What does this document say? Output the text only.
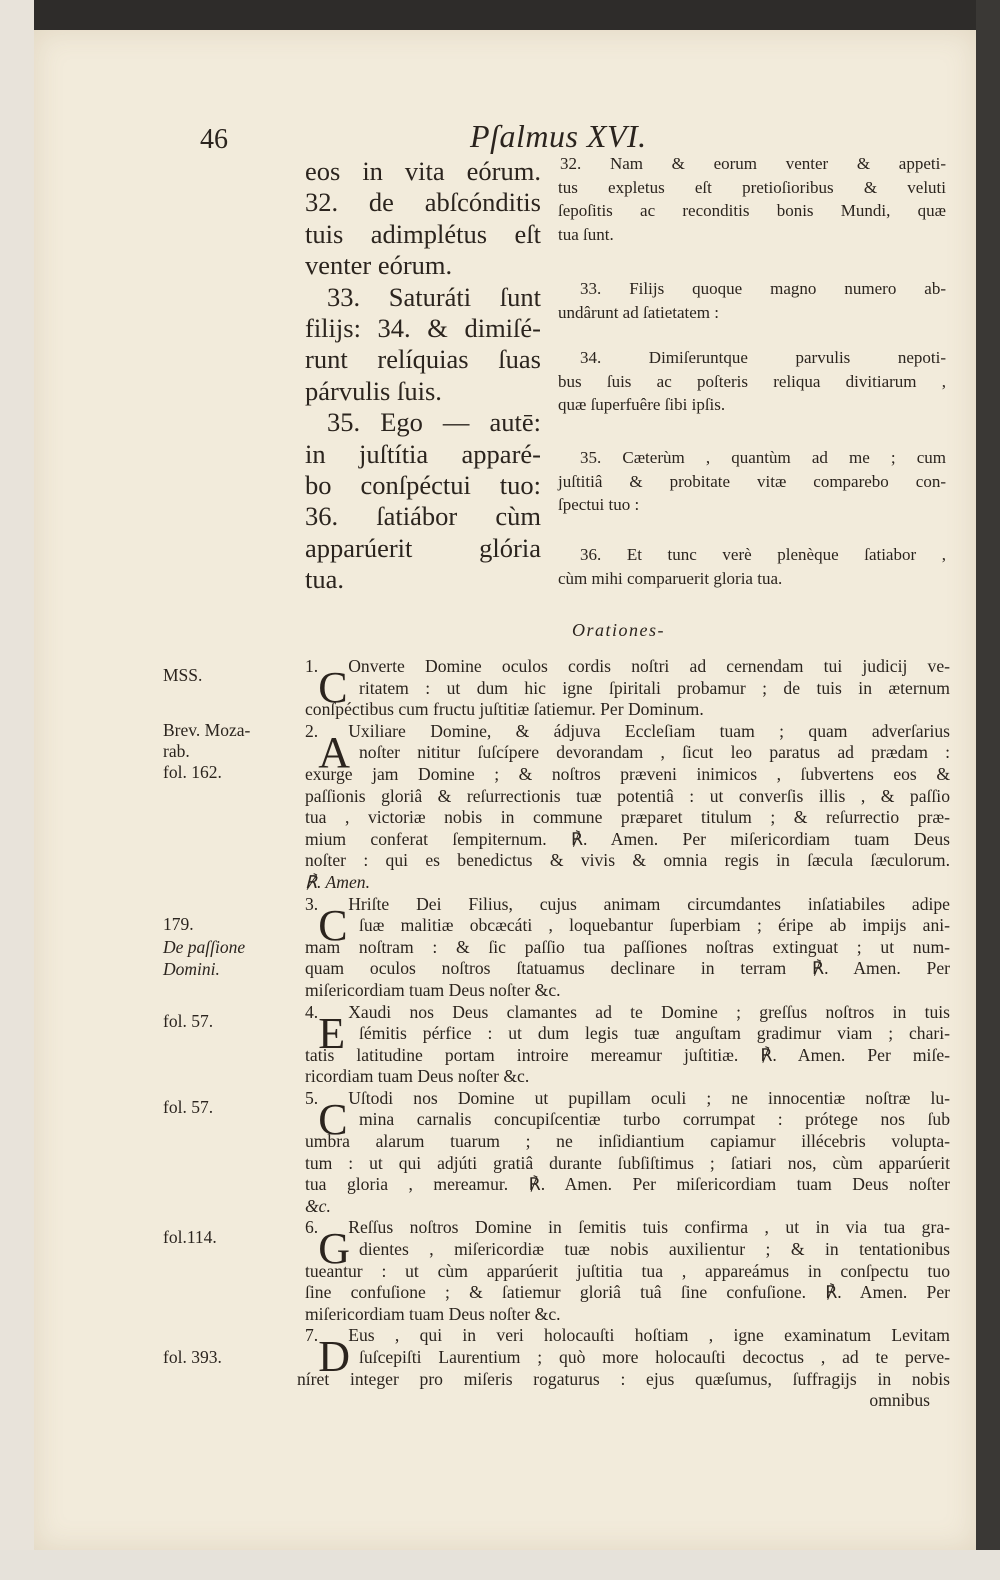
46	Pſalmus XVI.
eos in vita eórum.
32. de abſcónditis
tuis adimplétus eſt
venter eórum.
33. Saturáti ſunt
filijs: 34. & dimiſé-
runt relíquias ſuas
párvulis ſuis.
35. Ego — autē:
in juſtítia apparé-
bo conſpéctui tuo:
36. ſatiábor cùm
apparúerit glória
tua.
32. Nam & eorum venter & appeti-
tus expletus eſt pretioſioribus & veluti
ſepoſitis ac reconditis bonis Mundi, quæ
tua ſunt.
33. Filijs quoque magno numero ab-
undârunt ad ſatietatem :
34. Dimiſeruntque parvulis nepoti-
bus ſuis ac poſteris reliqua divitiarum ,
quæ ſuperfuêre ſibi ipſis.
35. Cæterùm , quantùm ad me ; cum
juſtitiâ & probitate vitæ comparebo con-
ſpectui tuo :
36. Et tunc verè plenèque ſatiabor ,
cùm mihi comparuerit gloria tua.
Orationes-
MSS.
Brev. Moza-
rab.
fol. 162.
179.
De paſſione
Domini.
fol. 57.
fol. 57.
fol.114.
fol. 393.
1. C Onverte Domine oculos cordis noſtri ad cernendam tui judicij ve-
ritatem : ut dum hic igne ſpiritali probamur ; de tuis in æternum
conſpéctibus cum fructu juſtitiæ ſatiemur. Per Dominum.
2. A
Uxiliare Domine, & ádjuva Eccleſiam tuam ; quam adverſarius
noſter nititur ſuſcípere devorandam , ſicut leo paratus ad prædam :
exurge jam Domine ; & noſtros præveni inimicos , ſubvertens eos &
paſſionis gloriâ & reſurrectionis tuæ potentiâ : ut converſis illis , & paſſio
tua , victoriæ nobis in commune præparet titulum ; & reſurrectio præ-
mium conferat ſempiternum. ℟. Amen. Per miſericordiam tuam Deus
noſter : qui es benedictus & vivis & omnia regis in ſæcula ſæculorum.
℟. Amen.
3. C Hriſte Dei Filius, cujus animam circumdantes inſatiabiles adipe
ſuæ malitiæ obcæcáti , loquebantur ſuperbiam ; éripe ab impijs ani-
mam noſtram : & ſic paſſio tua paſſiones noſtras extinguat ; ut num-
quam oculos noſtros ſtatuamus declinare in terram ℟. Amen. Per
miſericordiam tuam Deus noſter &c.
4. E Xaudi nos Deus clamantes ad te Domine ; greſſus noſtros in tuis
ſémitis pérfice : ut dum legis tuæ anguſtam gradimur viam ; chari-
tatis latitudine portam introire mereamur juſtitiæ. ℟. Amen. Per miſe-
ricordiam tuam Deus noſter &c.
5. C Uſtodi nos Domine ut pupillam oculi ; ne innocentiæ noſtræ lu-
mina carnalis concupiſcentiæ turbo corrumpat : prótege nos ſub
umbra alarum tuarum ; ne inſidiantium capiamur illécebris volupta-
tum : ut qui adjúti gratiâ durante ſubſiſtimus ; ſatiari nos, cùm apparúerit
tua gloria , mereamur. ℟. Amen. Per miſericordiam tuam Deus noſter
&c.
6. G
Reſſus noſtros Domine in ſemitis tuis confirma , ut in via tua gra-
dientes , miſericordiæ tuæ nobis auxilientur ; & in tentationibus
tueantur : ut cùm apparúerit juſtitia tua , appareámus in conſpectu tuo
ſine confuſione ; & ſatiemur gloriâ tuâ ſine confuſione. ℟. Amen. Per
miſericordiam tuam Deus noſter &c.
7. D
Eus , qui in veri holocauſti hoſtiam , igne examinatum Levitam
ſuſcepiſti Laurentium ; quò more holocauſti decoctus , ad te perve-
níret integer pro miſeris rogaturus : ejus quæſumus, ſuffragijs in nobis
omnibus
